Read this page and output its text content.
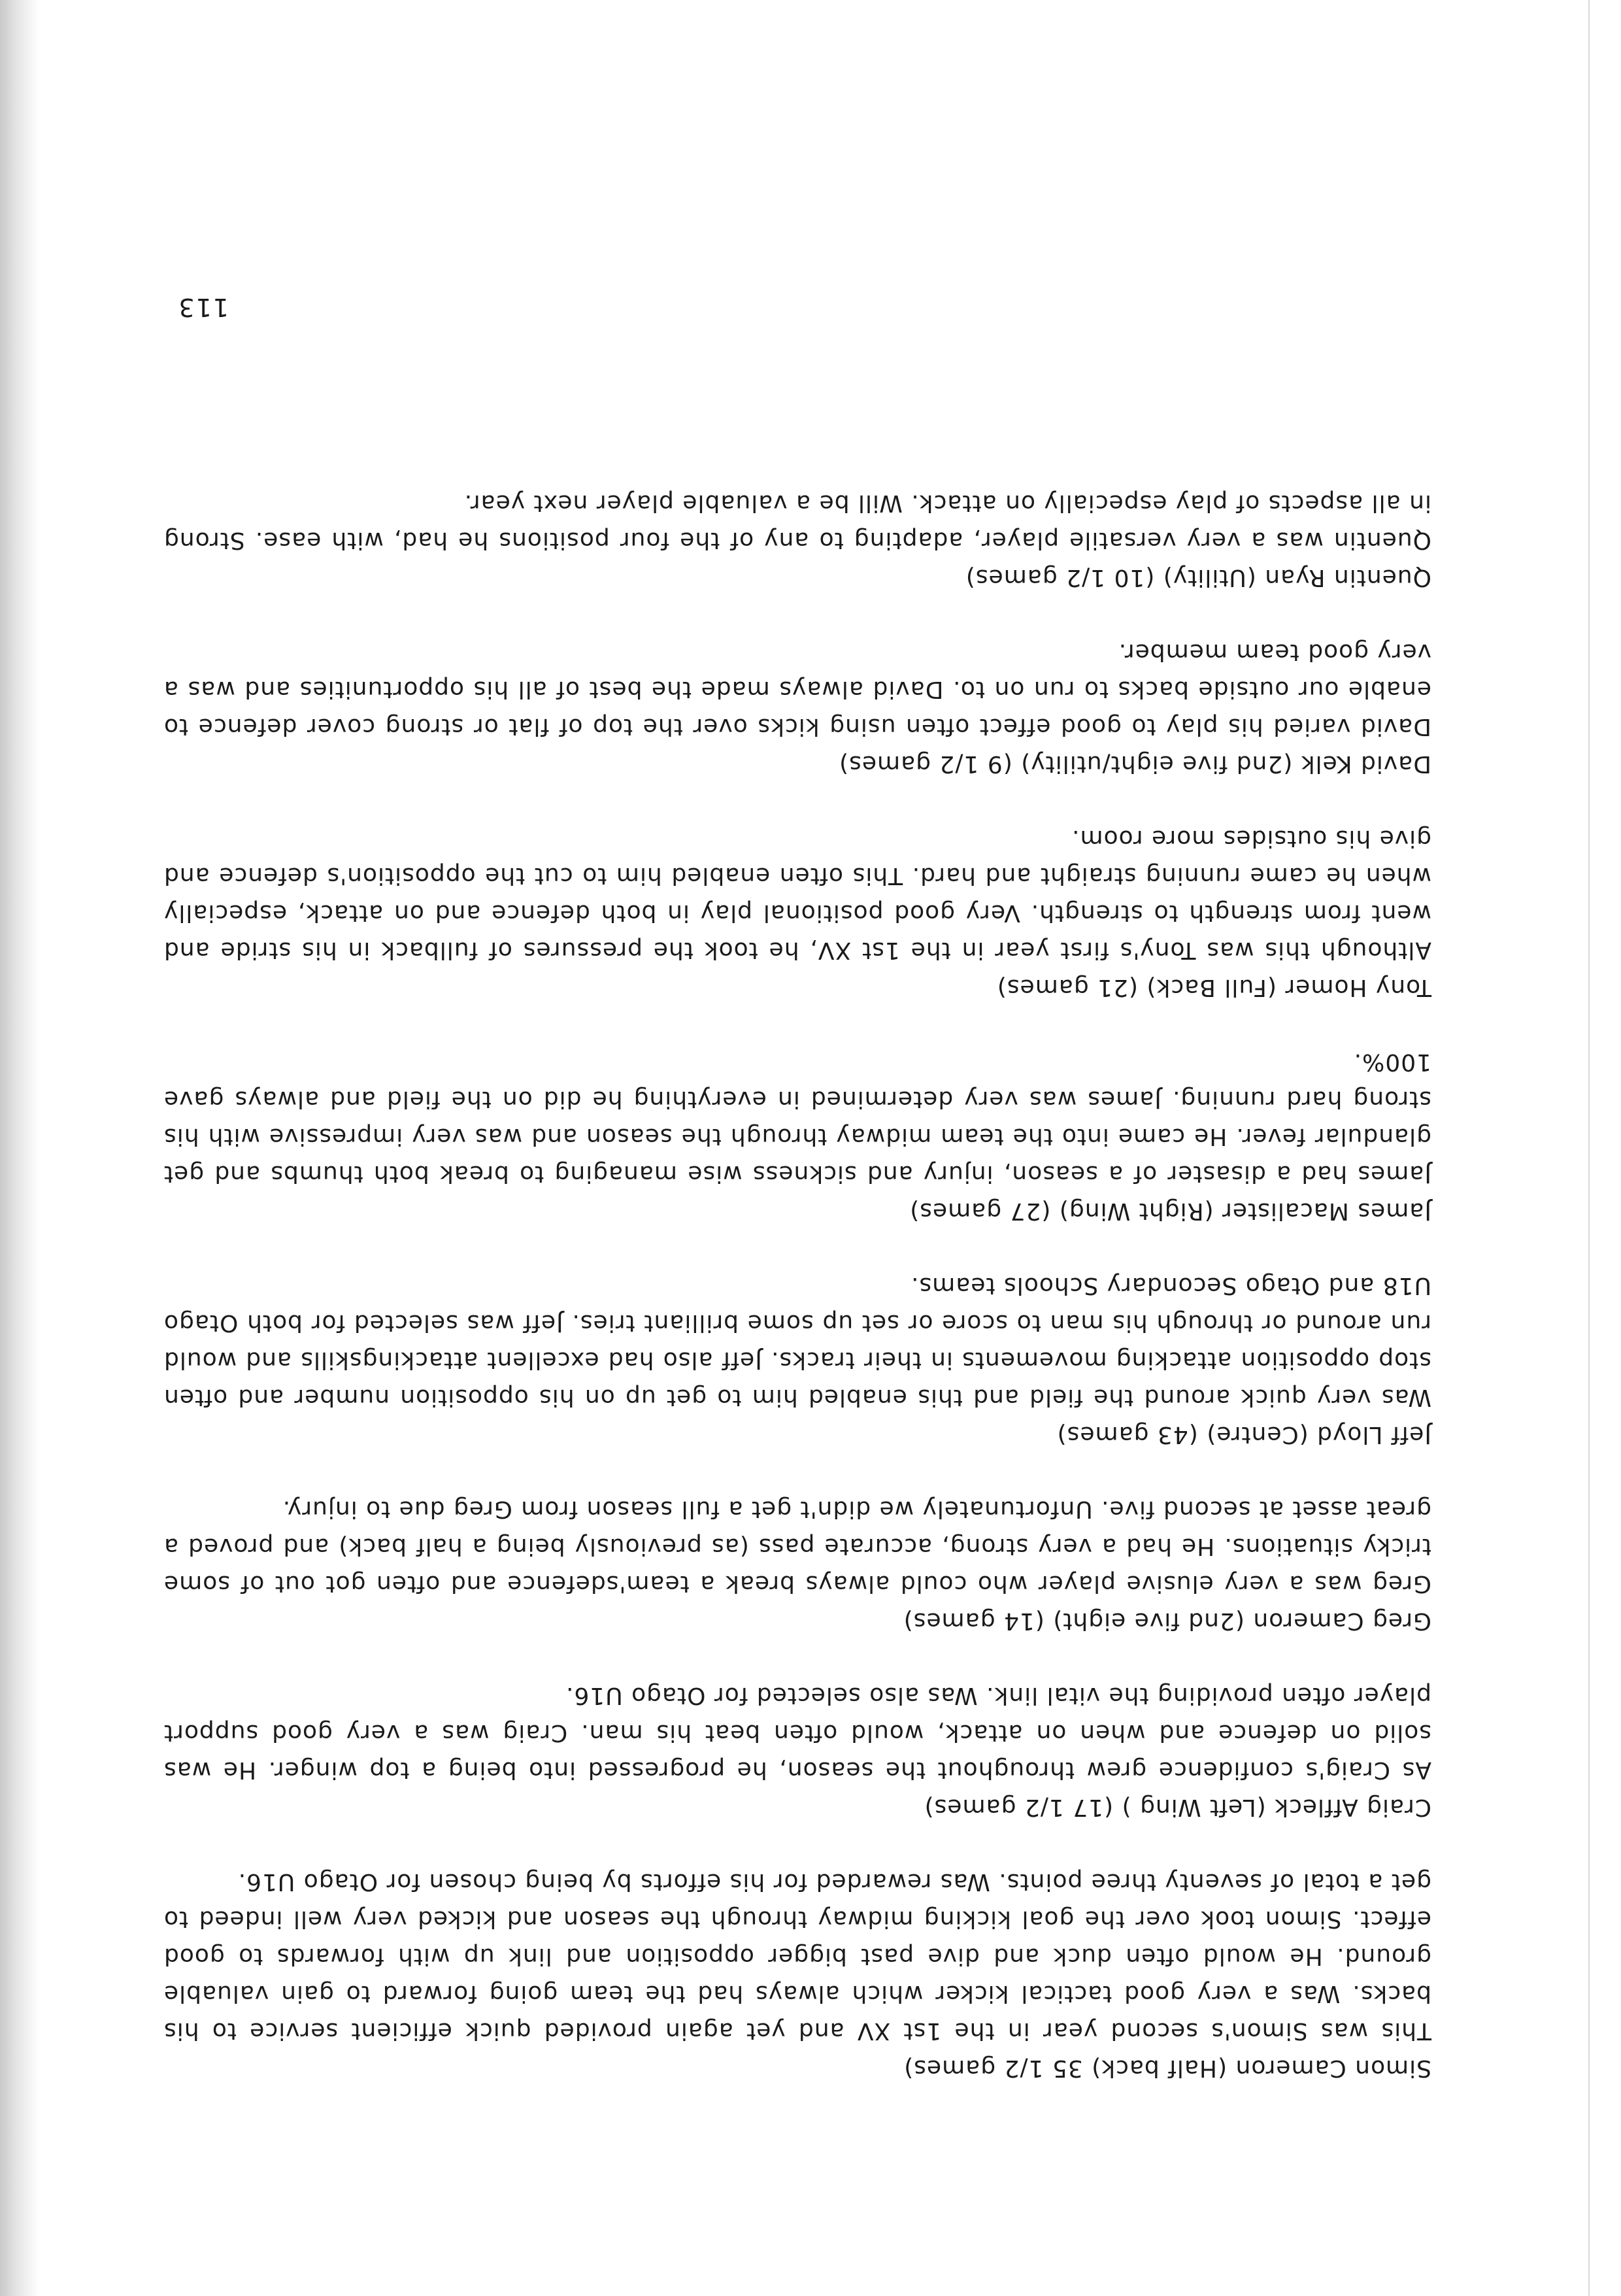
Simon Cameron (Half back) 35 1/2 games)
This was Simon's second year in the 1st XV and yet again provided quick efficient service to his backs. Was a very good tactical kicker which always had the team going forward to gain valuable ground. He would often duck and dive past bigger opposition and link up with forwards to good effect. Simon took over the goal kicking midway through the season and kicked very well indeed to get a total of seventy three points. Was rewarded for his efforts by being chosen for Otago U16.
Craig Affleck (Left Wing ) (17 1/2 games)
As Craig's confidence grew throughout the season, he progressed into being a top winger. He was solid on defence and when on attack, would often beat his man. Craig was a very good support player often providing the vital link. Was also selected for Otago U16.
Greg Cameron (2nd five eight) (14 games)
Greg was a very elusive player who could always break a team'sdefence and often got out of some tricky situations. He had a very strong, accurate pass (as previously being a half back) and proved a great asset at second five. Unfortunately we didn't get a full season from Greg due to injury.
Jeff Lloyd (Centre) (43 games)
Was very quick around the field and this enabled him to get up on his opposition number and often stop opposition attacking movements in their tracks. Jeff also had excellent attackingskills and would run around or through his man to score or set up some brilliant tries. Jeff was selected for both Otago U18 and Otago Secondary Schools teams.
James Macalister (Right Wing) (27 games)
James had a disaster of a season, injury and sickness wise managing to break both thumbs and get glandular fever. He came into the team midway through the season and was very impressive with his strong hard running. James was very determined in everything he did on the field and always gave 100%.
Tony Homer (Full Back) (21 games)
Although this was Tony's first year in the 1st XV, he took the pressures of fullback in his stride and went from strength to strength. Very good positional play in both defence and on attack, especially when he came running straight and hard. This often enabled him to cut the opposition's defence and give his outsides more room.
David Kelk (2nd five eight/utility) (9 1/2 games)
David varied his play to good effect often using kicks over the top of flat or strong cover defence to enable our outside backs to run on to. David always made the best of all his opportunities and was a very good team member.
Quentin Ryan (Utility) (10 1/2 games)
Quentin was a very versatile player, adapting to any of the four positions he had, with ease. Strong in all aspects of play especially on attack. Will be a valuable player next year.
113
